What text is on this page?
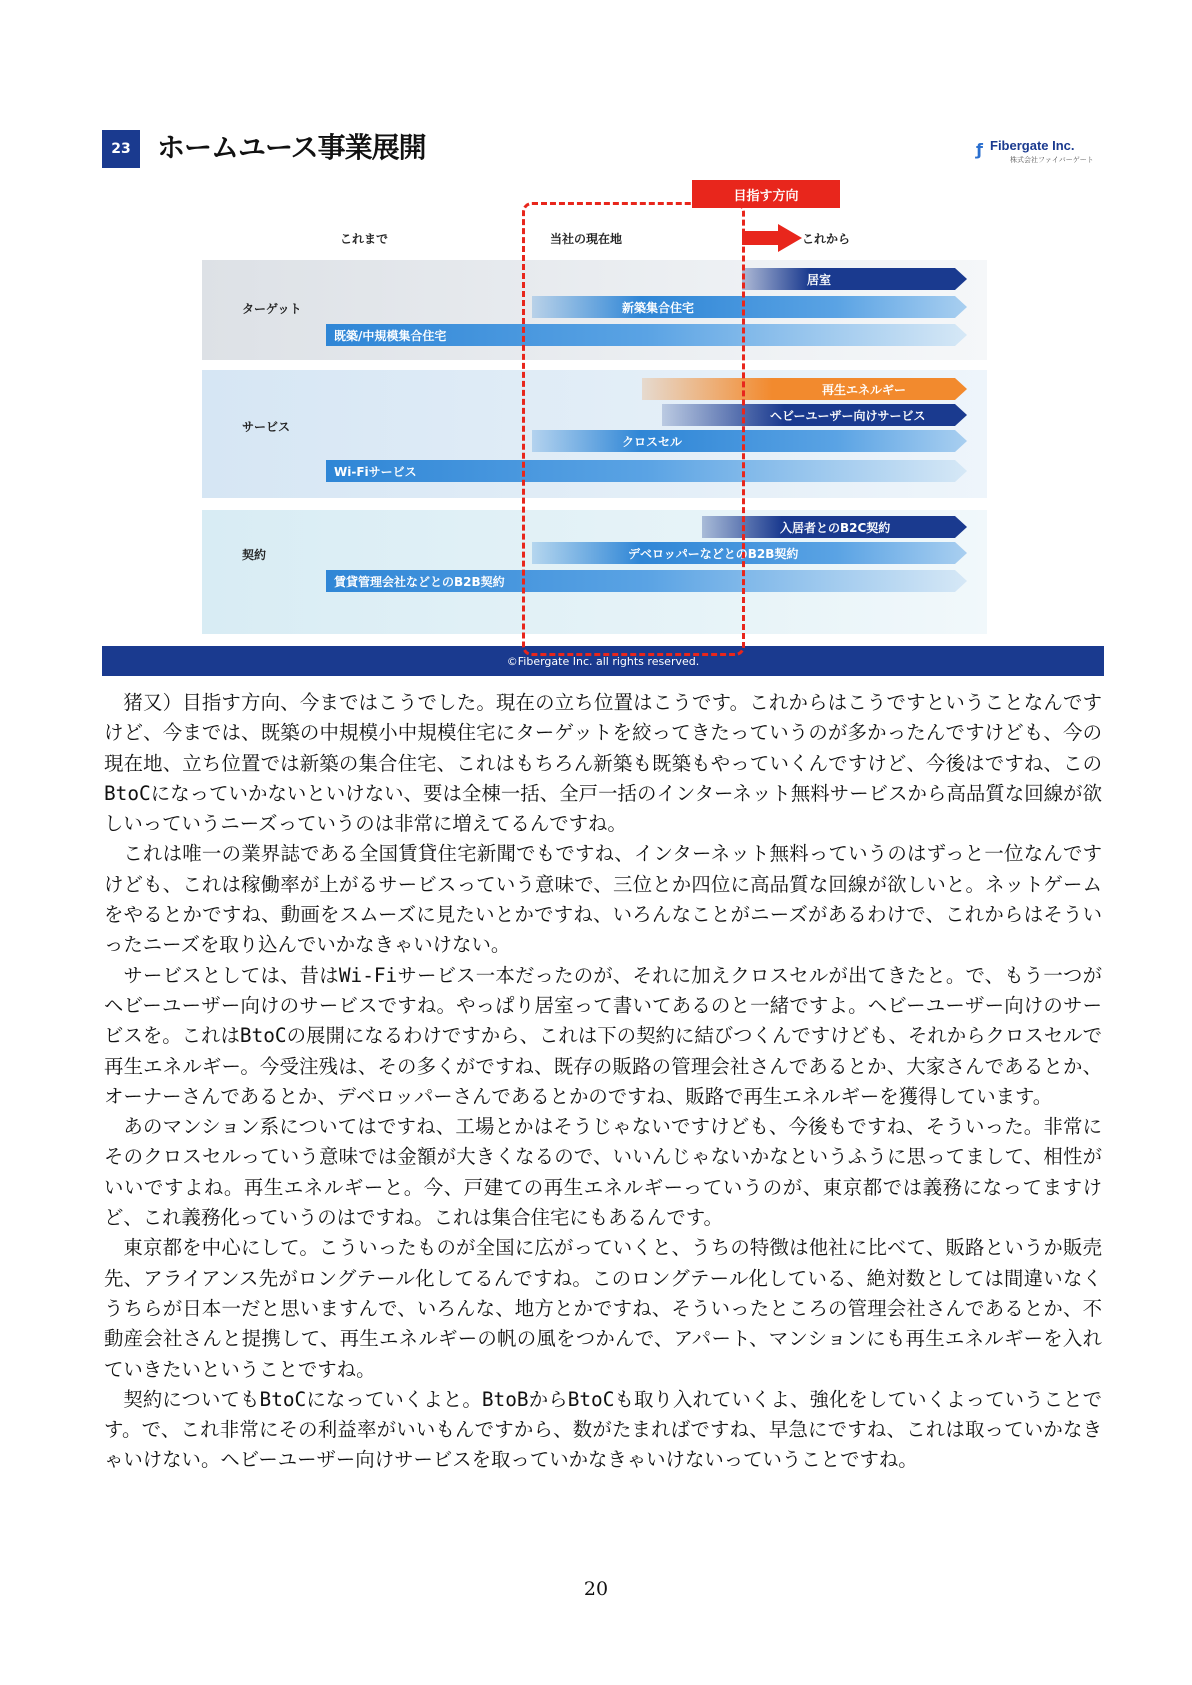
23 ホームユース事業展開	ƒ Fibergate Inc.
株式会社ファイバーゲート
目指す方向
これまで	当社の現在地	これから
ターゲット
居室
新築集合住宅
既築/中規模集合住宅
サービス
再生エネルギー
ヘビーユーザー向けサービス
クロスセル
Wi-Fiサービス
契約
入居者とのB2C契約
デベロッパーなどとのB2B契約
賃貸管理会社などとのB2B契約
©Fibergate Inc. all rights reserved.

猪又）目指す方向、今まではこうでした。現在の立ち位置はこうです。これからはこうですということなんですけど、今までは、既築の中規模小中規模住宅にターゲットを絞ってきたっていうのが多かったんですけども、今の現在地、立ち位置では新築の集合住宅、これはもちろん新築も既築もやっていくんですけど、今後はですね、このBtoCになっていかないといけない、要は全棟一括、全戸一括のインターネット無料サービスから高品質な回線が欲しいっていうニーズっていうのは非常に増えてるんですね。

これは唯一の業界誌である全国賃貸住宅新聞でもですね、インターネット無料っていうのはずっと一位なんですけども、これは稼働率が上がるサービスっていう意味で、三位とか四位に高品質な回線が欲しいと。ネットゲームをやるとかですね、動画をスムーズに見たいとかですね、いろんなことがニーズがあるわけで、これからはそういったニーズを取り込んでいかなきゃいけない。

サービスとしては、昔はWi-Fiサービス一本だったのが、それに加えクロスセルが出てきたと。で、もう一つがヘビーユーザー向けのサービスですね。やっぱり居室って書いてあるのと一緒ですよ。ヘビーユーザー向けのサービスを。これはBtoCの展開になるわけですから、これは下の契約に結びつくんですけども、それからクロスセルで再生エネルギー。今受注残は、その多くがですね、既存の販路の管理会社さんであるとか、大家さんであるとか、オーナーさんであるとか、デベロッパーさんであるとかのですね、販路で再生エネルギーを獲得しています。

あのマンション系についてはですね、工場とかはそうじゃないですけども、今後もですね、そういった。非常にそのクロスセルっていう意味では金額が大きくなるので、いいんじゃないかなというふうに思ってまして、相性がいいですよね。再生エネルギーと。今、戸建ての再生エネルギーっていうのが、東京都では義務になってますけど、これ義務化っていうのはですね。これは集合住宅にもあるんです。

東京都を中心にして。こういったものが全国に広がっていくと、うちの特徴は他社に比べて、販路というか販売先、アライアンス先がロングテール化してるんですね。このロングテール化している、絶対数としては間違いなくうちらが日本一だと思いますんで、いろんな、地方とかですね、そういったところの管理会社さんであるとか、不動産会社さんと提携して、再生エネルギーの帆の風をつかんで、アパート、マンションにも再生エネルギーを入れていきたいということですね。

契約についてもBtoCになっていくよと。BtoBからBtoCも取り入れていくよ、強化をしていくよっていうことです。で、これ非常にその利益率がいいもんですから、数がたまればですね、早急にですね、これは取っていかなきゃいけない。ヘビーユーザー向けサービスを取っていかなきゃいけないっていうことですね。

20
